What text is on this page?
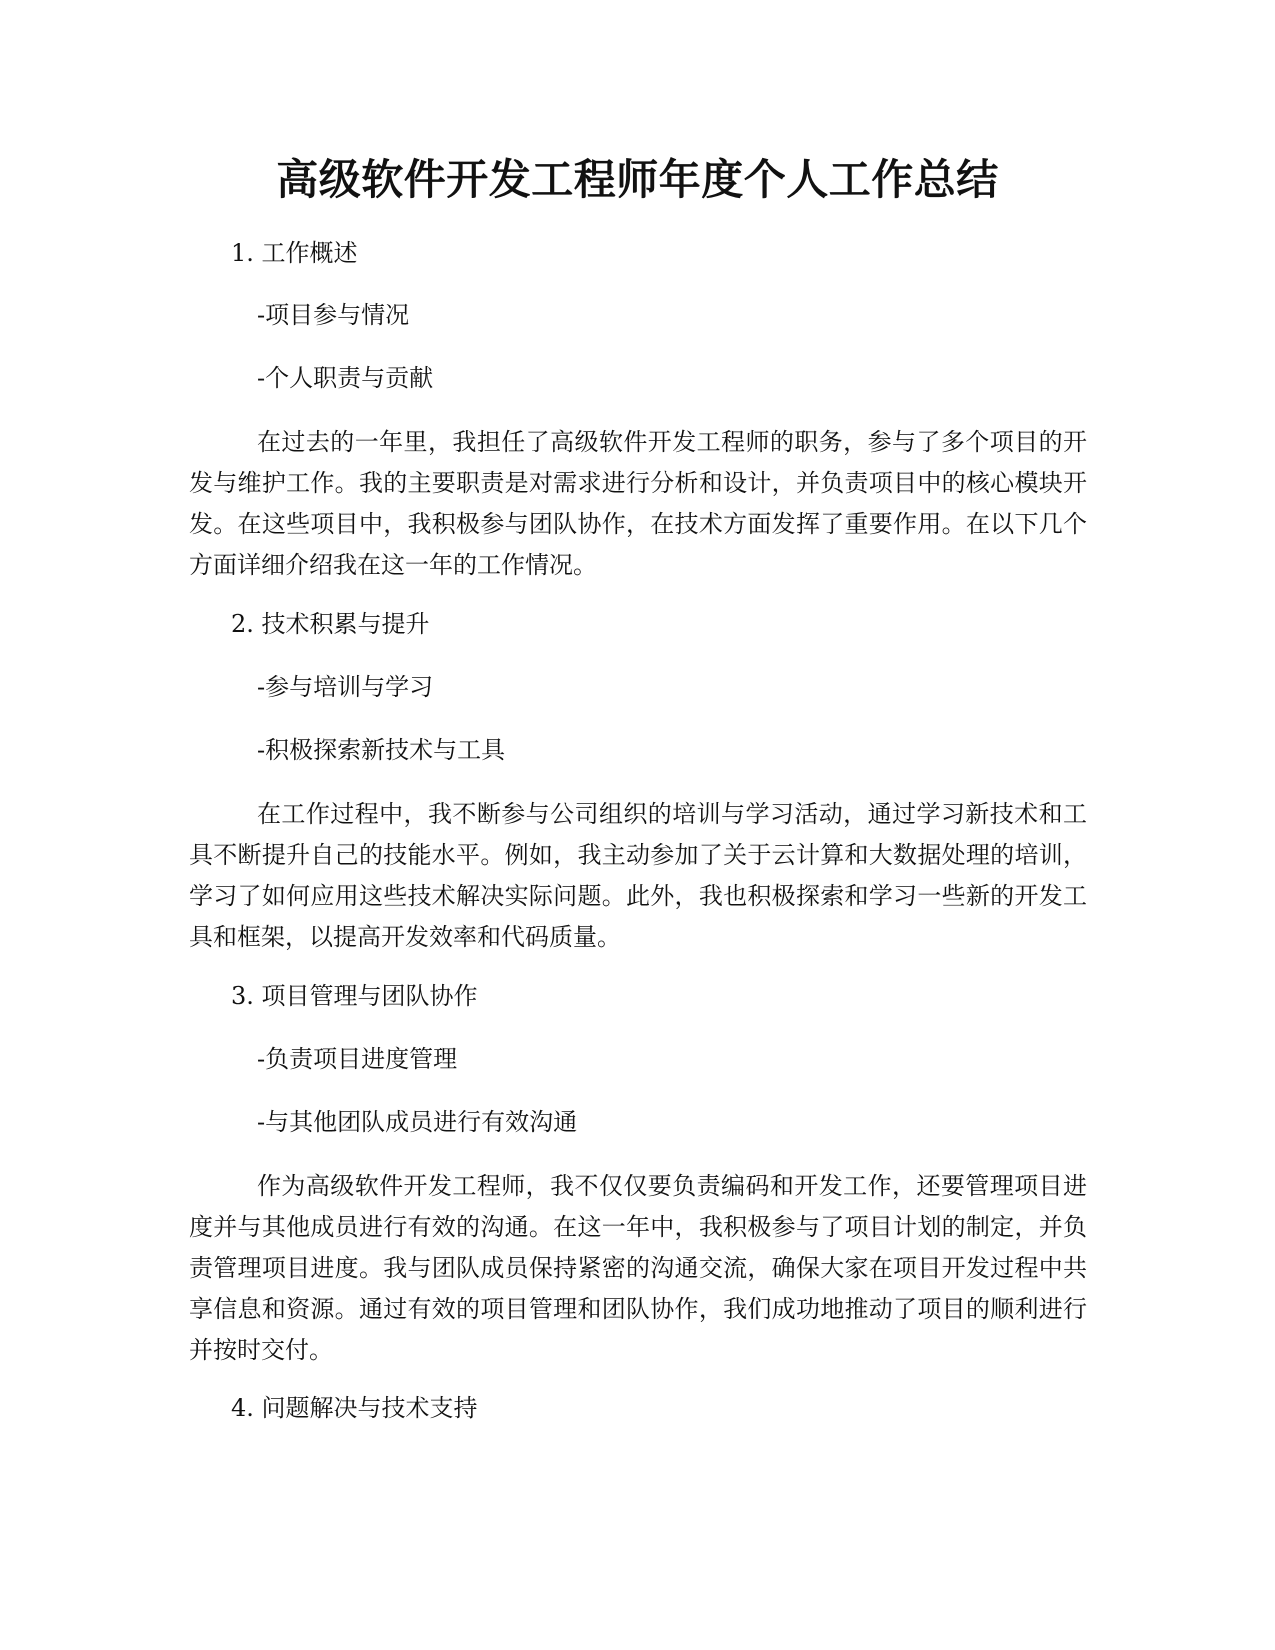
高级软件开发工程师年度个人工作总结
1. 工作概述
-项目参与情况
-个人职责与贡献

在过去的一年里，我担任了高级软件开发工程师的职务，参与了多个项目的开发与维护工作。我的主要职责是对需求进行分析和设计，并负责项目中的核心模块开发。在这些项目中，我积极参与团队协作，在技术方面发挥了重要作用。在以下几个方面详细介绍我在这一年的工作情况。

2. 技术积累与提升
-参与培训与学习
-积极探索新技术与工具

在工作过程中，我不断参与公司组织的培训与学习活动，通过学习新技术和工具不断提升自己的技能水平。例如，我主动参加了关于云计算和大数据处理的培训，学习了如何应用这些技术解决实际问题。此外，我也积极探索和学习一些新的开发工具和框架，以提高开发效率和代码质量。

3. 项目管理与团队协作
-负责项目进度管理
-与其他团队成员进行有效沟通

作为高级软件开发工程师，我不仅仅要负责编码和开发工作，还要管理项目进度并与其他成员进行有效的沟通。在这一年中，我积极参与了项目计划的制定，并负责管理项目进度。我与团队成员保持紧密的沟通交流，确保大家在项目开发过程中共享信息和资源。通过有效的项目管理和团队协作，我们成功地推动了项目的顺利进行并按时交付。

4. 问题解决与技术支持
